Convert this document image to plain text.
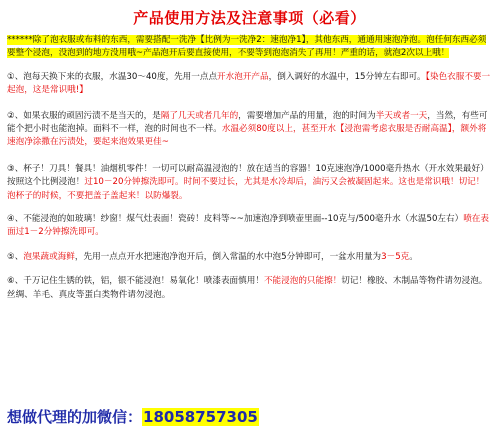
产品使用方法及注意事项（必看）

******除了泡衣服或布料的东西，需要搭配一洗净【比例为一洗净2：速泡净1】，其他东西，通通用速泡净泡。泡任何东西必须要整个浸泡，没泡到的地方没用哦~产品泡开后要直接使用，不要等到泡泡消失了再用！严重的话，就泡2次以上哦！

①、泡每天换下来的衣服，水温30～40度，先用一点点开水泡开产品，倒入调好的水温中，15分钟左右即可。【染色衣服不要一起泡，这是常识哦!】

②、如果衣服的顽固污渍不是当天的，是隔了几天或者几年的，需要增加产品的用量，泡的时间为半天或者一天，当然，有些可能个把小时也能泡掉。面料不一样，泡的时间也不一样。水温必须80度以上，甚至开水【浸泡需考虑衣服是否耐高温】，额外将速泡净涂撒在污渍处，要起来泡效果更佳~

③、杯子！刀具！餐具！油烟机零件！一切可以耐高温浸泡的！放在适当的容器！10克速泡净/1000毫升热水（开水效果最好）按照这个比例浸泡！过10－20分钟擦洗即可。时间不要过长，尤其是水冷却后，油污又会被凝固起来。这也是常识哦！切记！泡杯子的时候，不要把盖子盖起来！以防爆裂。

④、不能浸泡的如玻璃！纱窗！煤气灶表面！瓷砖！皮料等~~加速泡净到喷壶里面--10克与/500毫升水（水温50左右）喷在表面过1－2分钟擦洗即可。

⑤、泡果蔬或海鲜，先用一点点开水把速泡净泡开后，倒入常温的水中泡5分钟即可，一盆水用量为3－5克。

⑥、千万记住生锈的铁，铝，银不能浸泡！易氧化！喷漆表面慎用！不能浸泡的只能擦！切记！橡胶、木制品等物件请勿浸泡。丝绸、羊毛、真皮等蛋白类物件请勿浸泡。

想做代理的加微信：18058757305
